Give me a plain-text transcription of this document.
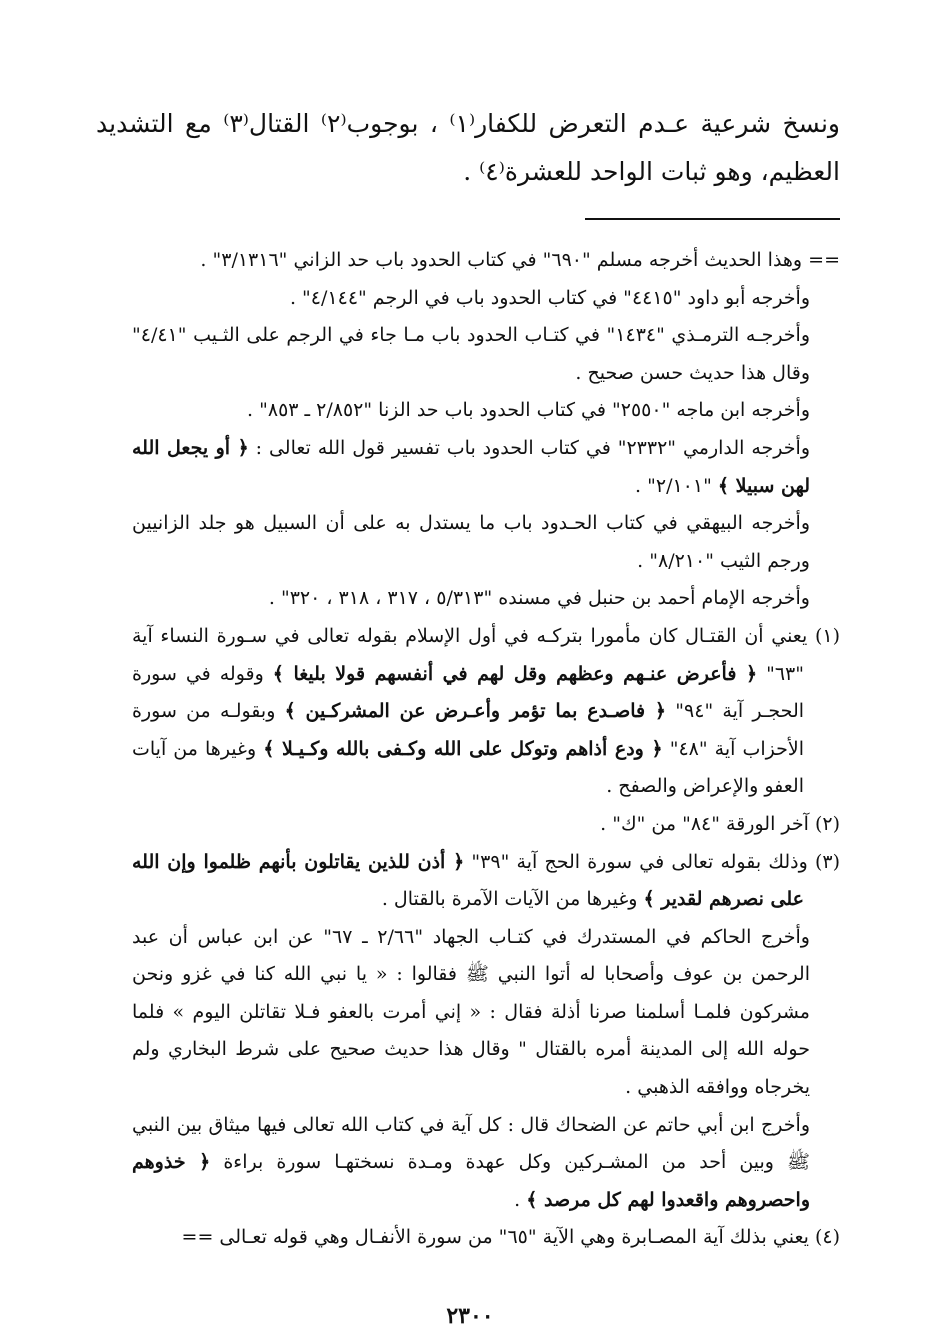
ونسخ شرعية عـدم التعرض للكفار⁽١⁾ ، بوجوب⁽٢⁾ القتال⁽٣⁾ مع التشديد العظيم، وهو ثبات الواحد للعشرة⁽٤⁾ .

== وهذا الحديث أخرجه مسلم "٦٩٠" في كتاب الحدود باب حد الزاني "٣/١٣١٦" .

وأخرجه أبو داود "٤٤١٥" في كتاب الحدود باب في الرجم "٤/١٤٤" .

وأخرجـه الترمـذي "١٤٣٤" في كتـاب الحدود باب مـا جاء في الرجم على الثـيب "٤/٤١" وقال هذا حديث حسن صحيح .

وأخرجه ابن ماجه "٢٥٥٠" في كتاب الحدود باب حد الزنا "٢/٨٥٢ ـ ٨٥٣" .

وأخرجه الدارمي "٢٣٣٢" في كتاب الحدود باب تفسير قول الله تعالى : ﴿ أو يجعل الله لهن سبيلا ﴾ "٢/١٠١" .

وأخرجه البيهقي في كتاب الحـدود باب ما يستدل به على أن السبيل هو جلد الزانيين ورجم الثيب "٨/٢١٠" .

وأخرجه الإمام أحمد بن حنبل في مسنده "٥/٣١٣ ، ٣١٧ ، ٣١٨ ، ٣٢٠" .

(١) يعني أن القتـال كان مأمورا بتركـه في أول الإسلام بقوله تعالى في سـورة النساء آية "٦٣" ﴿ فأعرض عنـهم وعظهم وقل لهم في أنفسهم قولا بليغا ﴾ وقوله في سورة الحجـر آية "٩٤" ﴿ فاصـدع بما تؤمر وأعـرض عن المشركـين ﴾ وبقولـه من سورة الأحزاب آية "٤٨" ﴿ ودع أذاهم وتوكل على الله وكـفى بالله وكـيـلا ﴾ وغيرها من آيات العفو والإعراض والصفح .

(٢) آخر الورقة "٨٤" من "ك" .

(٣) وذلك بقوله تعالى في سورة الحج آية "٣٩" ﴿ أذن للذين يقاتلون بأنهم ظلموا وإن الله على نصرهم لقدير ﴾ وغيرها من الآيات الآمرة بالقتال .

وأخرج الحاكم في المستدرك في كتـاب الجهاد "٢/٦٦ ـ ٦٧" عن ابن عباس أن عبد الرحمن بن عوف وأصحابا له أتوا النبي ﷺ فقالوا : « يا نبي الله كنا في غزو ونحن مشركون فلمـا أسلمنا صرنا أذلة فقال : « إني أمرت بالعفو فـلا تقاتلن اليوم » فلما حوله الله إلى المدينة أمره بالقتال " وقال هذا حديث صحيح على شرط البخاري ولم يخرجاه ووافقه الذهبي .

وأخرج ابن أبي حاتم عن الضحاك قال : كل آية في كتاب الله تعالى فيها ميثاق بين النبي ﷺ وبين أحد من المشـركين وكل عهدة ومـدة نسختهـا سورة براءة ﴿ خذوهم واحصروهم واقعدوا لهم كل مرصد ﴾ .

(٤) يعني بذلك آية المصـابرة وهي الآية "٦٥" من سورة الأنفـال وهي قوله تعـالى ==

٢٣٠٠
